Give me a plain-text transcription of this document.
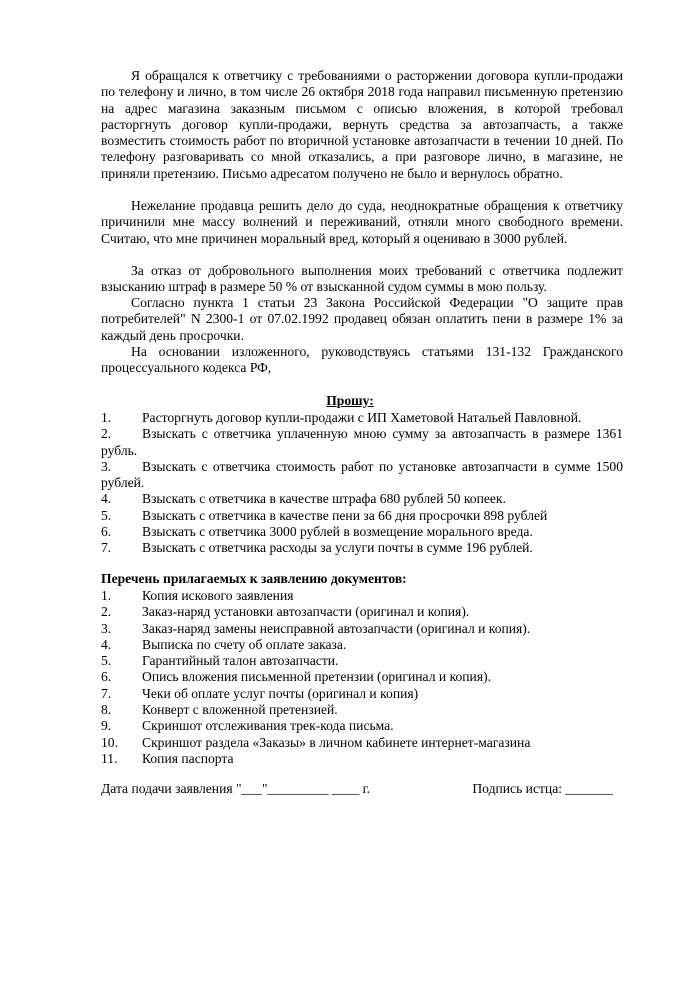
Я обращался к ответчику с требованиями о расторжении договора купли-продажи по телефону и лично, в том числе 26 октября 2018 года направил письменную претензию на адрес магазина заказным письмом с описью вложения, в которой требовал расторгнуть договор купли-продажи, вернуть средства за автозапчасть, а также возместить стоимость работ по вторичной установке автозапчасти в течении 10 дней. По телефону разговаривать со мной отказались, а при разговоре лично, в магазине, не приняли претензию. Письмо адресатом получено не было и вернулось обратно.

Нежелание продавца решить дело до суда, неоднократные обращения к ответчику причинили мне массу волнений и переживаний, отняли много свободного времени. Считаю, что мне причинен моральный вред, который я оцениваю в 3000 рублей.

За отказ от добровольного выполнения моих требований с ответчика подлежит взысканию штраф в размере 50 % от взысканной судом суммы в мою пользу.

Согласно пункта 1 статьи 23 Закона Российской Федерации "О защите прав потребителей" N 2300-1 от 07.02.1992 продавец обязан оплатить пени в размере 1% за каждый день просрочки.

На основании изложенного, руководствуясь статьями 131-132 Гражданского процессуального кодекса РФ,

Прошу:

1. Расторгнуть договор купли-продажи с ИП Хаметовой Натальей Павловной.
2. Взыскать с ответчика уплаченную мною сумму за автозапчасть в размере 1361 рубль.
3. Взыскать с ответчика стоимость работ по установке автозапчасти в сумме 1500 рублей.
4. Взыскать с ответчика в качестве штрафа 680 рублей 50 копеек.
5. Взыскать с ответчика в качестве пени за 66 дня просрочки 898 рублей
6. Взыскать с ответчика 3000 рублей в возмещение морального вреда.
7. Взыскать с ответчика расходы за услуги почты в сумме 196 рублей.

Перечень прилагаемых к заявлению документов:

1. Копия искового заявления
2. Заказ-наряд установки автозапчасти (оригинал и копия).
3. Заказ-наряд замены неисправной автозапчасти (оригинал и копия).
4. Выписка по счету об оплате заказа.
5. Гарантийный талон автозапчасти.
6. Опись вложения письменной претензии (оригинал и копия).
7. Чеки об оплате услуг почты (оригинал и копия)
8. Конверт с вложенной претензией.
9. Скриншот отслеживания трек-кода письма.
10. Скриншот раздела «Заказы» в личном кабинете интернет-магазина
11. Копия паспорта
Дата подачи заявления "___"_________ ____ г.	Подпись истца: _______
